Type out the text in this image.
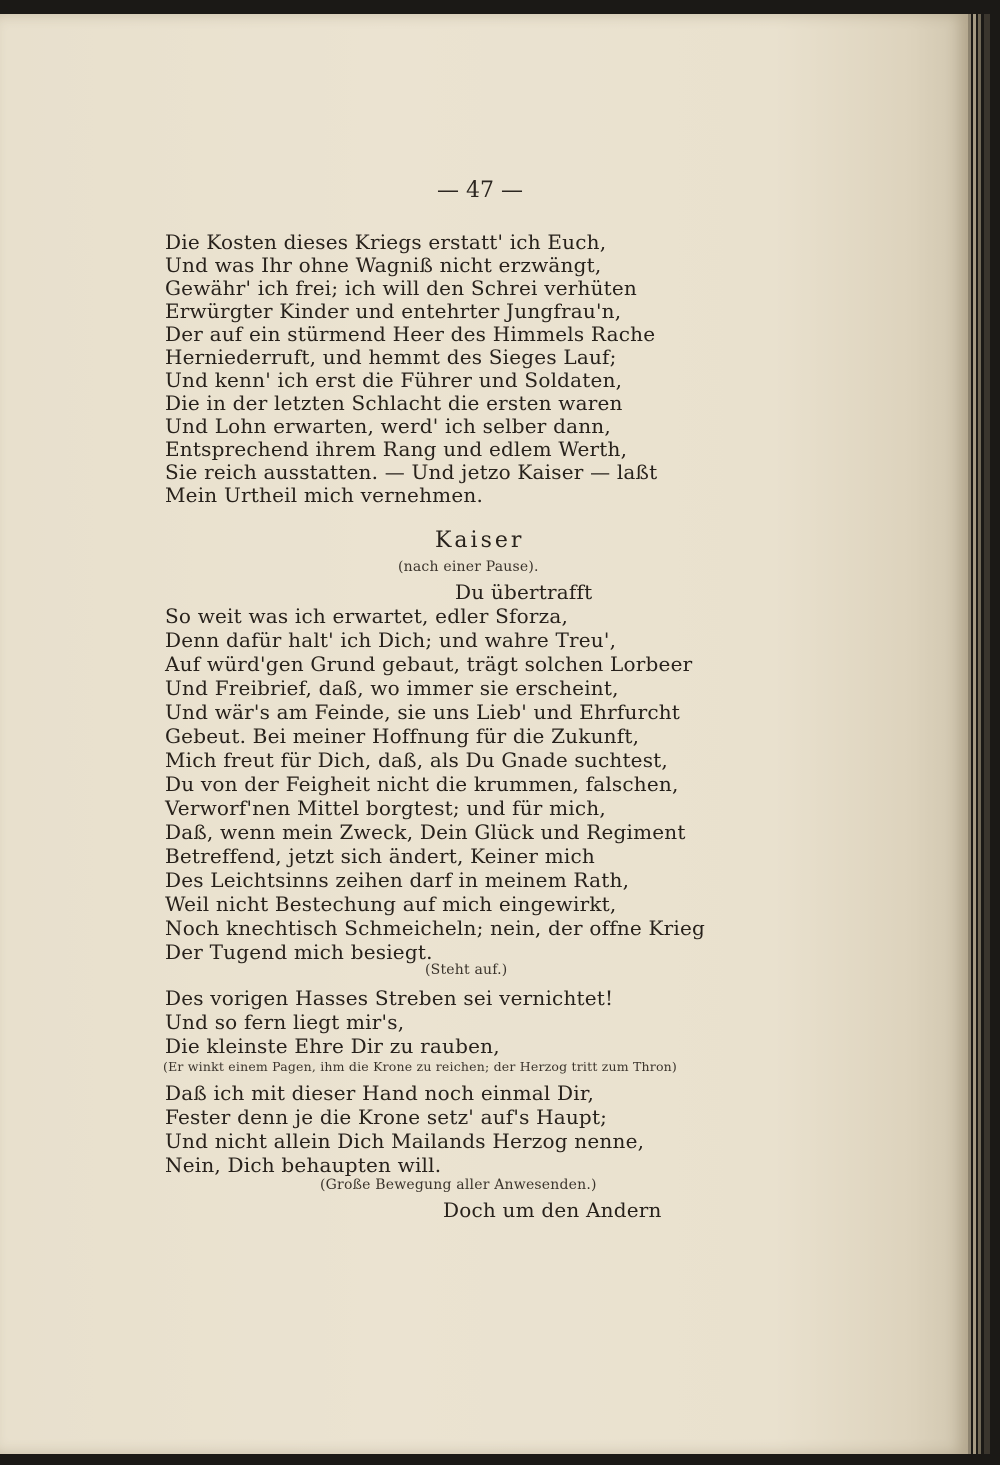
— 47 —
Die Kosten dieses Kriegs erstatt' ich Euch,
Und was Ihr ohne Wagniß nicht erzwängt,
Gewähr' ich frei; ich will den Schrei verhüten
Erwürgter Kinder und entehrter Jungfrau'n,
Der auf ein stürmend Heer des Himmels Rache
Herniederruft, und hemmt des Sieges Lauf;
Und kenn' ich erst die Führer und Soldaten,
Die in der letzten Schlacht die ersten waren
Und Lohn erwarten, werd' ich selber dann,
Entsprechend ihrem Rang und edlem Werth,
Sie reich ausstatten. — Und jetzo Kaiser — laßt
Mein Urtheil mich vernehmen.
Kaiser
(nach einer Pause).
Du übertrafft
So weit was ich erwartet, edler Sforza,
Denn dafür halt' ich Dich; und wahre Treu',
Auf würd'gen Grund gebaut, trägt solchen Lorbeer
Und Freibrief, daß, wo immer sie erscheint,
Und wär's am Feinde, sie uns Lieb' und Ehrfurcht
Gebeut. Bei meiner Hoffnung für die Zukunft,
Mich freut für Dich, daß, als Du Gnade suchtest,
Du von der Feigheit nicht die krummen, falschen,
Verworf'nen Mittel borgtest; und für mich,
Daß, wenn mein Zweck, Dein Glück und Regiment
Betreffend, jetzt sich ändert, Keiner mich
Des Leichtsinns zeihen darf in meinem Rath,
Weil nicht Bestechung auf mich eingewirkt,
Noch knechtisch Schmeicheln; nein, der offne Krieg
Der Tugend mich besiegt.
(Steht auf.)
Des vorigen Hasses Streben sei vernichtet!
Und so fern liegt mir's,
Die kleinste Ehre Dir zu rauben,
(Er winkt einem Pagen, ihm die Krone zu reichen; der Herzog tritt zum Thron)
Daß ich mit dieser Hand noch einmal Dir,
Fester denn je die Krone setz' auf's Haupt;
Und nicht allein Dich Mailands Herzog nenne,
Nein, Dich behaupten will.
(Große Bewegung aller Anwesenden.)
Doch um den Andern
